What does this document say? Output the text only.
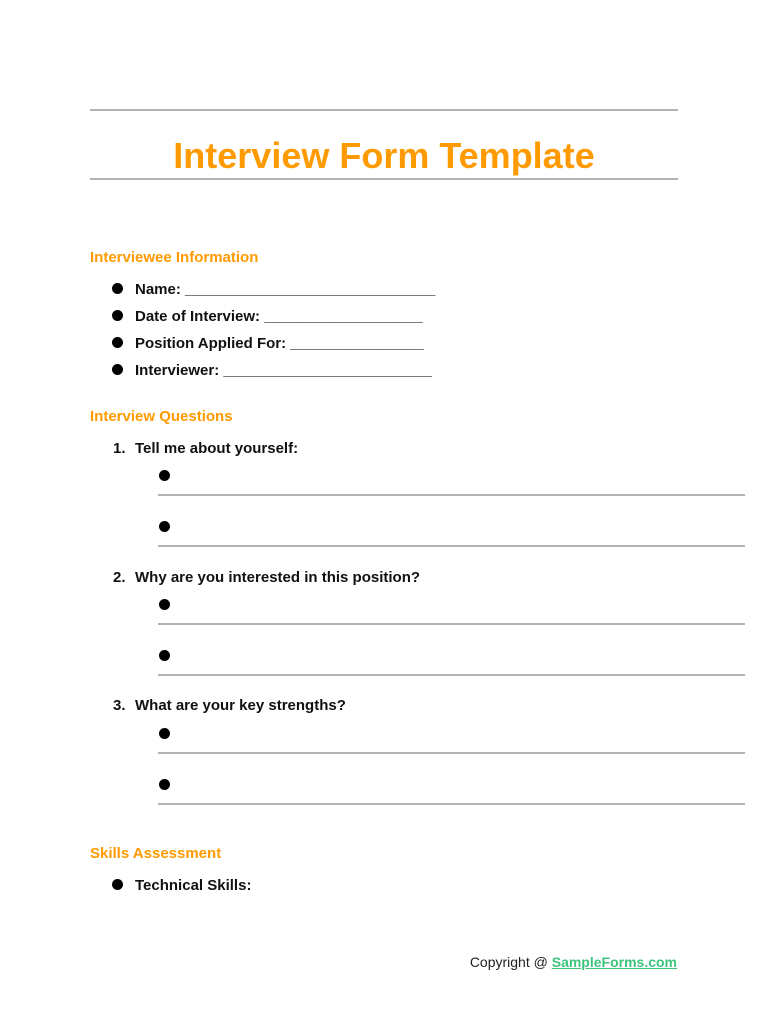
Interview Form Template
Interviewee Information
Name: ______________________________
Date of Interview: ___________________
Position Applied For: ________________
Interviewer: _________________________
Interview Questions
1. Tell me about yourself:
2. Why are you interested in this position?
3. What are your key strengths?
Skills Assessment
Technical Skills:
Copyright @ SampleForms.com
